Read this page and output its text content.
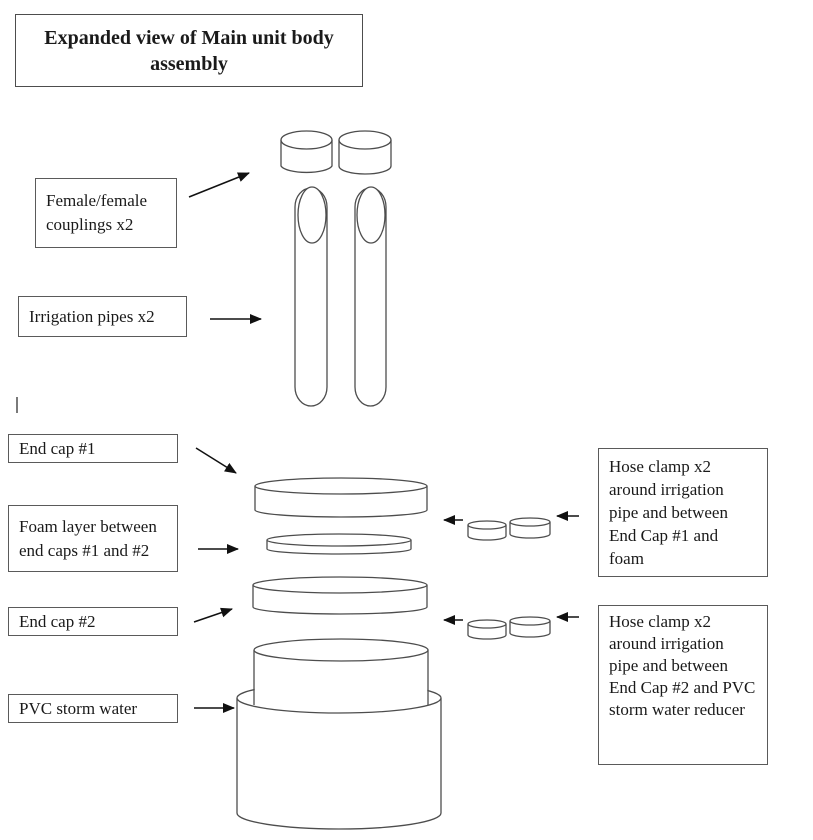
Expanded view of Main unit body assembly
Female/female couplings x2
Irrigation pipes x2
End cap #1
Foam layer between end caps #1 and #2
End cap #2
PVC storm water
Hose clamp x2 around irrigation pipe and between End Cap #1 and foam
Hose clamp x2 around irrigation pipe and between End Cap #2 and PVC storm water reducer
